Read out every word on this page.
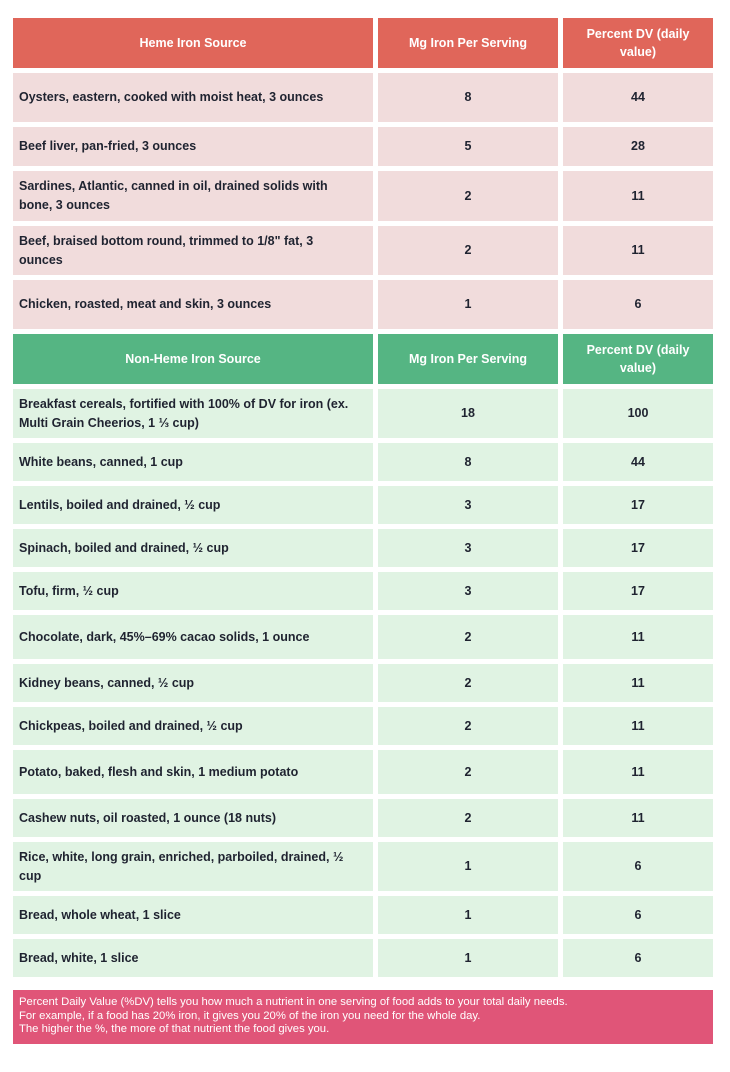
Heme Iron Source	Mg Iron Per Serving	Percent DV (daily value)
Oysters, eastern, cooked with moist heat, 3 ounces	8	44
Beef liver, pan-fried, 3 ounces	5	28
Sardines, Atlantic, canned in oil, drained solids with bone, 3 ounces	2	11
Beef, braised bottom round, trimmed to 1/8" fat, 3 ounces	2	11
Chicken, roasted, meat and skin, 3 ounces	1	6
Non-Heme Iron Source	Mg Iron Per Serving	Percent DV (daily value)
Breakfast cereals, fortified with 100% of DV for iron (ex. Multi Grain Cheerios, 1 ⅓ cup)	18	100
White beans, canned, 1 cup	8	44
Lentils, boiled and drained, ½ cup	3	17
Spinach, boiled and drained, ½ cup	3	17
Tofu, firm, ½ cup	3	17
Chocolate, dark, 45%–69% cacao solids, 1 ounce	2	11
Kidney beans, canned, ½ cup	2	11
Chickpeas, boiled and drained, ½ cup	2	11
Potato, baked, flesh and skin, 1 medium potato	2	11
Cashew nuts, oil roasted, 1 ounce (18 nuts)	2	11
Rice, white, long grain, enriched, parboiled, drained, ½ cup	1	6
Bread, whole wheat, 1 slice	1	6
Bread, white, 1 slice	1	6
Percent Daily Value (%DV) tells you how much a nutrient in one serving of food adds to your total daily needs.
For example, if a food has 20% iron, it gives you 20% of the iron you need for the whole day.
The higher the %, the more of that nutrient the food gives you.
